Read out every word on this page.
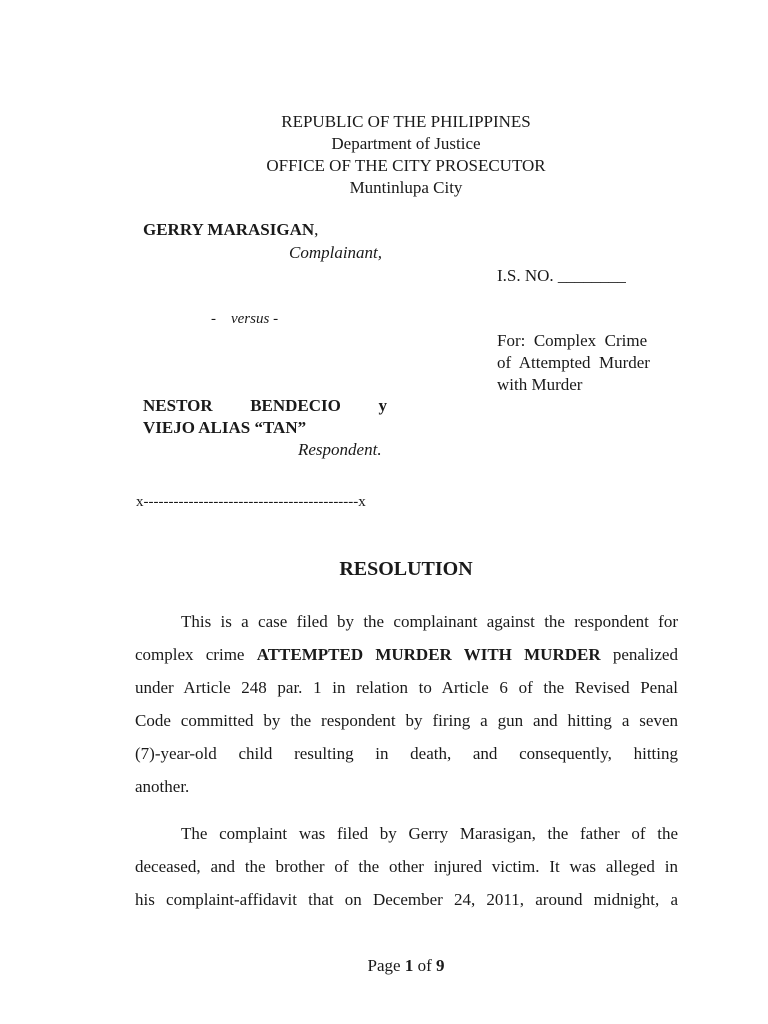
REPUBLIC OF THE PHILIPPINES
Department of Justice
OFFICE OF THE CITY PROSECUTOR
Muntinlupa City
GERRY MARASIGAN,
Complainant,
I.S. NO. ________
-    versus -
For:  Complex  Crime
of  Attempted  Murder
with Murder
NESTOR BENDECIO y
VIEJO ALIAS “TAN”
Respondent.
x-------------------------------------------x
RESOLUTION
This is a case filed by the complainant against the respondent for
complex crime ATTEMPTED MURDER WITH MURDER penalized
under Article 248 par. 1 in relation to Article 6 of the Revised Penal
Code committed by the respondent by firing a gun and hitting a seven
(7)-year-old child resulting in death, and consequently, hitting
another.
The complaint was filed by Gerry Marasigan, the father of the
deceased, and the brother of the other injured victim. It was alleged in
his complaint-affidavit that on December 24, 2011, around midnight, a
Page 1 of 9
